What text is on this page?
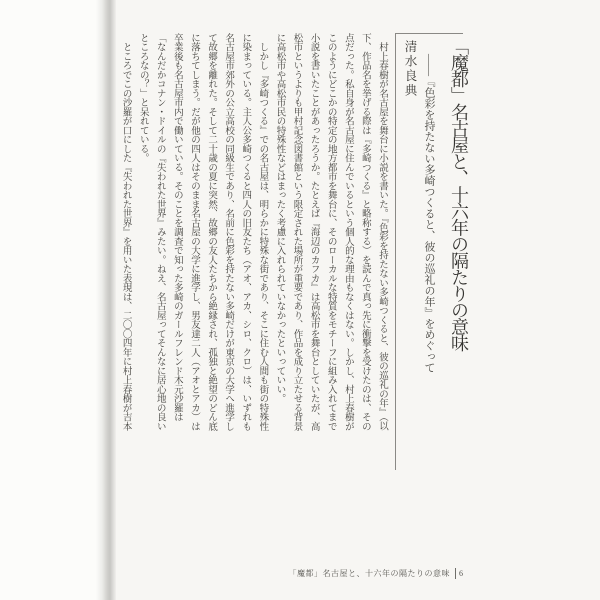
「魔都」名古屋と、十六年の隔たりの意味
――『色彩を持たない多崎つくると、彼の巡礼の年』をめぐって
清水良典
　村上春樹が名古屋を舞台に小説を書いた。『色彩を持たない多崎つくると、彼の巡礼の年』（以
下、作品名を挙げる際は『多崎つくる』と略称する）を読んで真っ先に衝撃を受けたのは、その
点だった。私自身が名古屋に住んでいるという個人的な理由もなくはない。しかし、村上春樹が
このようにどこかの特定の地方都市を舞台に、そのローカルな特質をモチーフに組み入れてまで
小説を書いたことがあったろうか。たとえば『海辺のカフカ』は高松市を舞台としていたが、高
松市というよりも甲村記念図書館という限定された場所が重要であり、作品を成り立たせる背景
に高松市や高松市民の特殊性などはまったく考慮に入れられていなかったといっていい。
　しかし『多崎つくる』での名古屋は、明らかに特殊な街であり、そこに住む人間も街の特殊性
に染まっている。主人公多崎つくると四人の旧友たち（アオ、アカ、シロ、クロ）は、いずれも
名古屋市郊外の公立高校の同級生であり、名前に色彩を持たない多崎だけが東京の大学へ進学し
て故郷を離れた。そして二十歳の夏に突然、故郷の友人たちから絶縁され、孤独と絶望のどん底
に落ちてしまう。だが他の四人はそのまま名古屋の大学に進学し、男友達二人（アオとアカ）は
卒業後も名古屋市内で働いている。そのことを調査で知った多崎のガールフレンド木元沙羅は
「なんだかコナン・ドイルの『失われた世界』みたい。ねえ、名古屋ってそんなに居心地の良い
ところなの？」と呆れている。
　ところでこの沙羅が口にした『失われた世界』を用いた表現は、二〇〇四年に村上春樹が吉本
「魔都」名古屋と、十六年の隔たりの意味 6
